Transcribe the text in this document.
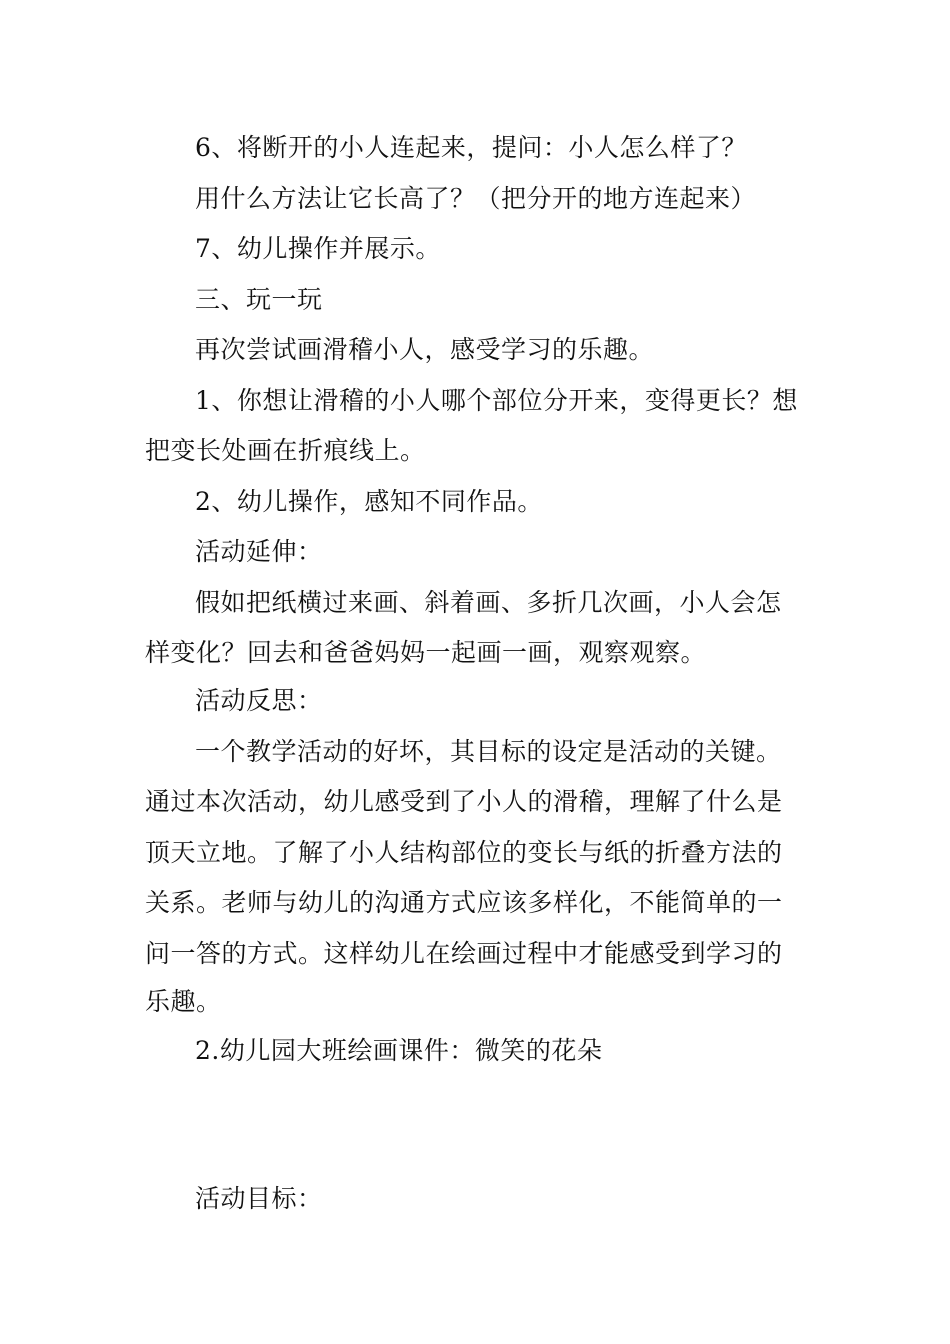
6、将断开的小人连起来，提问：小人怎么样了？
用什么方法让它长高了？（把分开的地方连起来）
7、幼儿操作并展示。
三、玩一玩
再次尝试画滑稽小人，感受学习的乐趣。
1、你想让滑稽的小人哪个部位分开来，变得更长？想
把变长处画在折痕线上。
2、幼儿操作，感知不同作品。
活动延伸：
假如把纸横过来画、斜着画、多折几次画，小人会怎
样变化？回去和爸爸妈妈一起画一画，观察观察。
活动反思：
一个教学活动的好坏，其目标的设定是活动的关键。
通过本次活动，幼儿感受到了小人的滑稽，理解了什么是
顶天立地。了解了小人结构部位的变长与纸的折叠方法的
关系。老师与幼儿的沟通方式应该多样化，不能简单的一
问一答的方式。这样幼儿在绘画过程中才能感受到学习的
乐趣。
2.幼儿园大班绘画课件：微笑的花朵
活动目标：
